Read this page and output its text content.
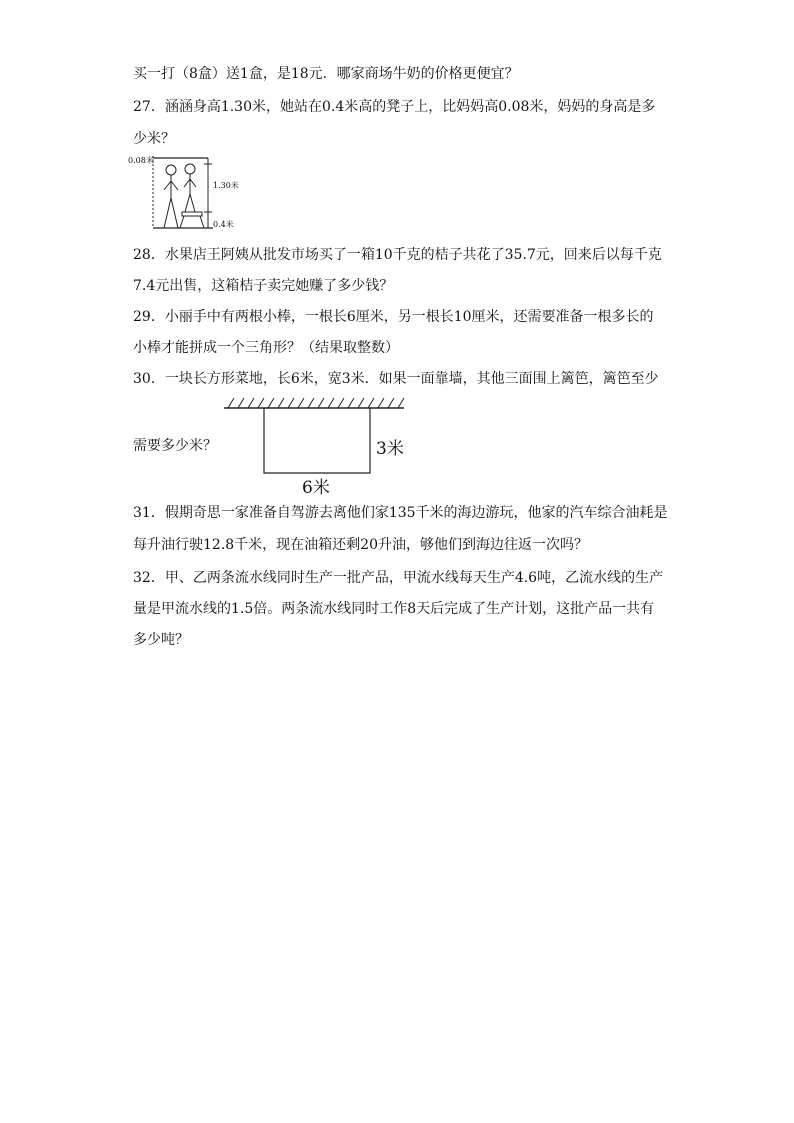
买一打（8盒）送1盒，是18元．哪家商场牛奶的价格更便宜？
27．涵涵身高1.30米，她站在0.4米高的凳子上，比妈妈高0.08米，妈妈的身高是多
少米？
0.08米
1.30米
0.4米
28．水果店王阿姨从批发市场买了一箱10千克的桔子共花了35.7元，回来后以每千克
7.4元出售，这箱桔子卖完她赚了多少钱？
29．小丽手中有两根小棒，一根长6厘米，另一根长10厘米，还需要准备一根多长的
小棒才能拼成一个三角形？（结果取整数）
30．一块长方形菜地，长6米，宽3米．如果一面靠墙，其他三面围上篱笆，篱笆至少
3米
6米
需要多少米？
31．假期奇思一家准备自驾游去离他们家135千米的海边游玩，他家的汽车综合油耗是
每升油行驶12.8千米，现在油箱还剩20升油，够他们到海边往返一次吗？
32．甲、乙两条流水线同时生产一批产品，甲流水线每天生产4.6吨，乙流水线的生产
量是甲流水线的1.5倍。两条流水线同时工作8天后完成了生产计划，这批产品一共有
多少吨？
